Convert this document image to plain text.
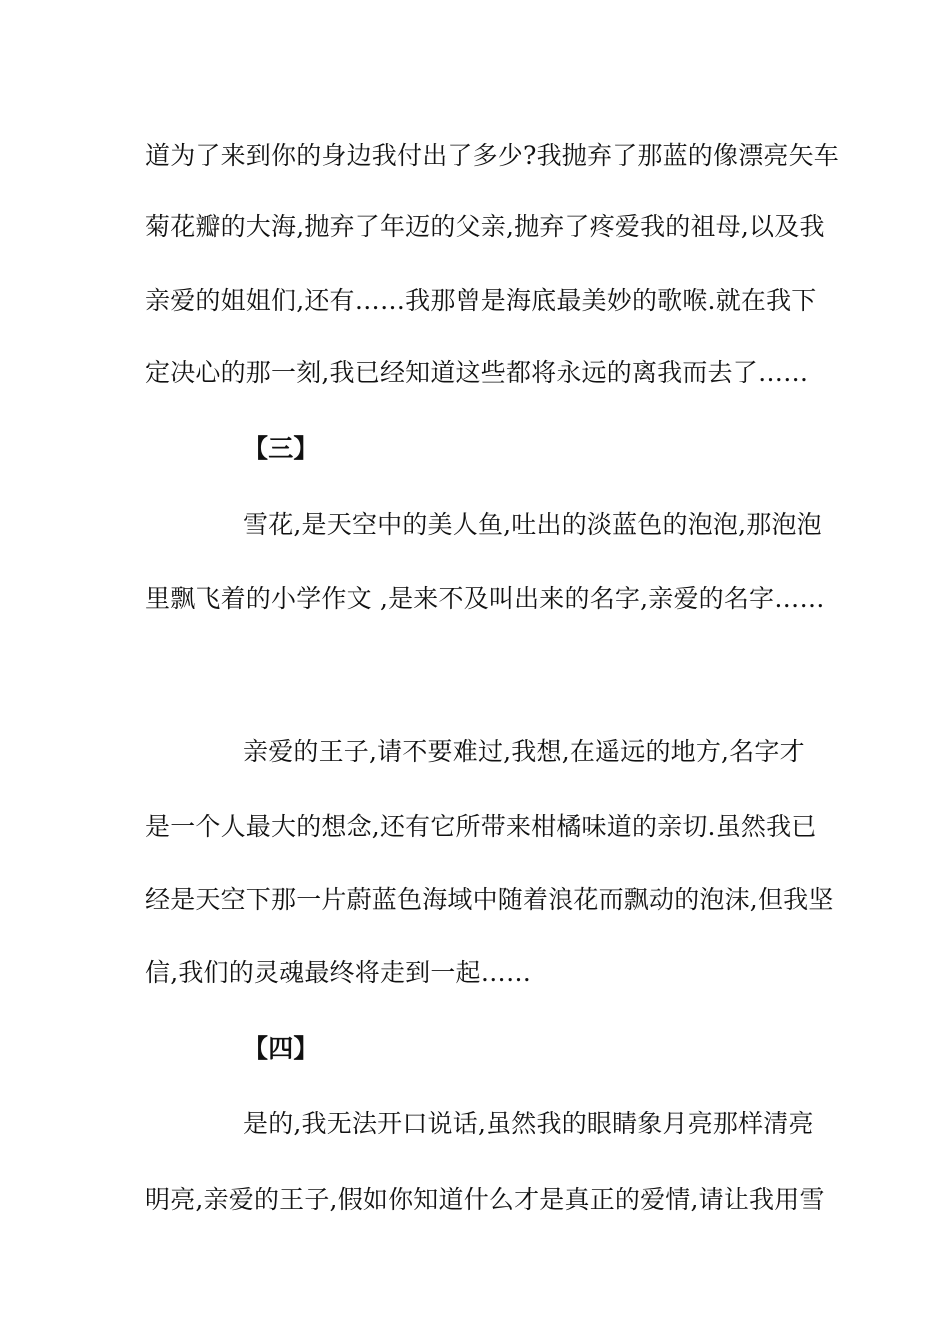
道为了来到你的身边我付出了多少?我抛弃了那蓝的像漂亮矢车
菊花瓣的大海,抛弃了年迈的父亲,抛弃了疼爱我的祖母,以及我
亲爱的姐姐们,还有……我那曾是海底最美妙的歌喉.就在我下
定决心的那一刻,我已经知道这些都将永远的离我而去了……
【三】
雪花,是天空中的美人鱼,吐出的淡蓝色的泡泡,那泡泡
里飘飞着的小学作文 ,是来不及叫出来的名字,亲爱的名字……
亲爱的王子,请不要难过,我想,在遥远的地方,名字才
是一个人最大的想念,还有它所带来柑橘味道的亲切.虽然我已
经是天空下那一片蔚蓝色海域中随着浪花而飘动的泡沫,但我坚
信,我们的灵魂最终将走到一起……
【四】
是的,我无法开口说话,虽然我的眼睛象月亮那样清亮
明亮,亲爱的王子,假如你知道什么才是真正的爱情,请让我用雪
